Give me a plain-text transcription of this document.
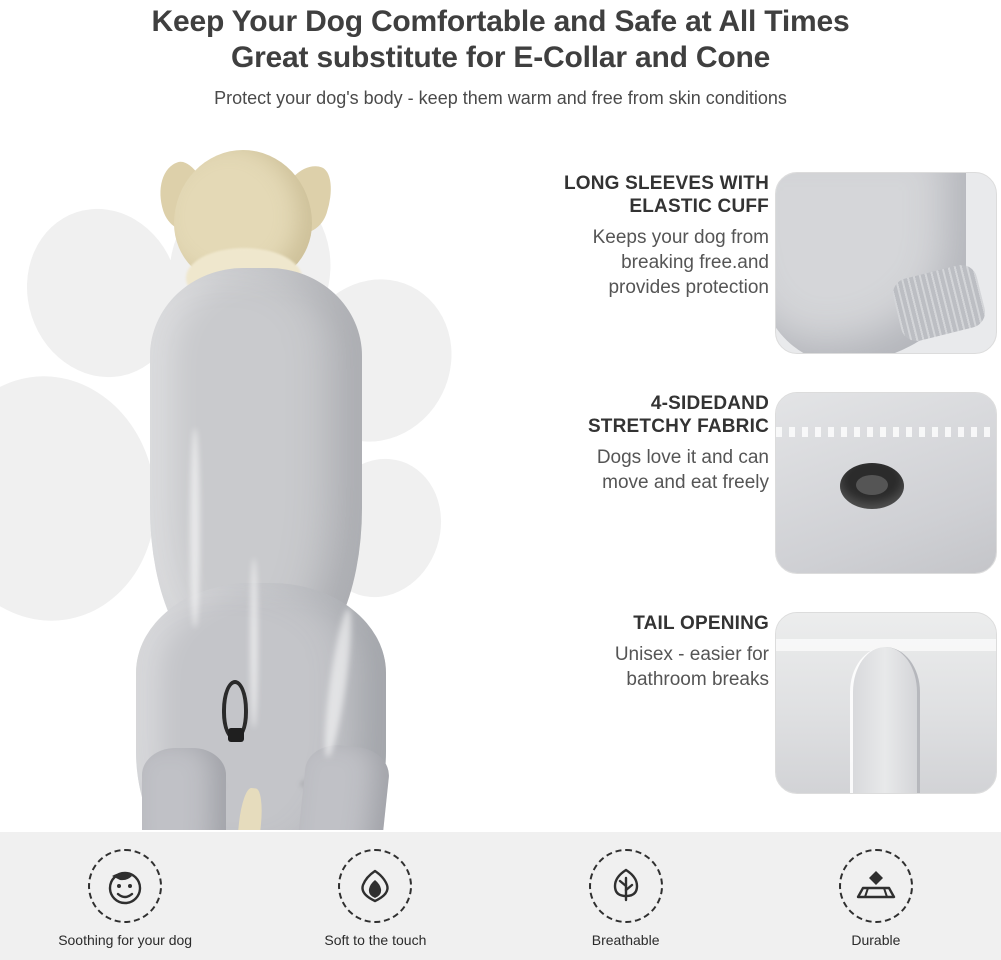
Keep Your Dog Comfortable and Safe at All Times
Great substitute for E-Collar and Cone
Protect your dog's body - keep them warm and free from skin conditions
LONG SLEEVES WITH
ELASTIC CUFF
Keeps your dog from
breaking free.and
provides protection
4-SIDEDAND
STRETCHY FABRIC
Dogs love it and can
move and eat freely
TAIL OPENING
Unisex - easier for
bathroom breaks
Soothing for your dog	Soft to the touch	Breathable	Durable
